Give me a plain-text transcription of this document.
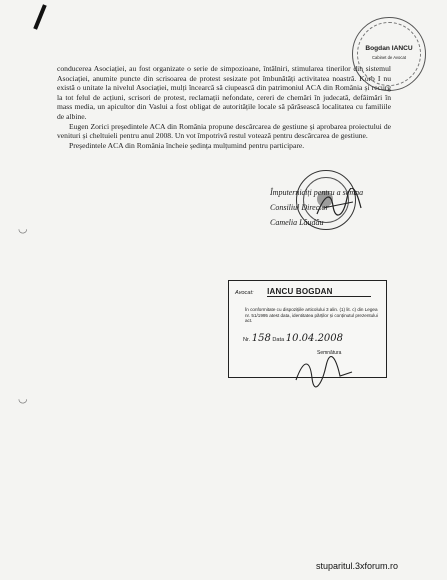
Bogdan IANCU
Cabinet de Avocat

conducerea Asociației, au fost organizate o serie de simpozioane, întâlniri, stimularea tinerilor din sistemul Asociației, anumite puncte din scrisoarea de protest sesizate pot îmbunătăți activitatea noastră. Korb I nu există o unitate la nivelul Asociației, mulți încearcă să ciupească din patrimoniul ACA din România și recurg la tot felul de acțiuni, scrisori de protest, reclamații nefondate, cereri de chemări în judecată, defăimări în mass media, un apicultor din Vaslui a fost obligat de autoritățile locale să părăsească localitatea cu familiile de albine.

Eugen Zorici președintele ACA din România propune descărcarea de gestiune și aprobarea proiectului de venituri și cheltuieli pentru anul 2008. Un vot împotrivă restul votează pentru descărcarea de gestiune.

Președintele ACA din România încheie ședința mulțumind pentru participare.

Împuterniciți pentru a semna
Consiliul Director
Camelia Lăudău
Avocat: IANCU BOGDAN
În conformitate cu dispozițiile articolului 3 alin. (1) lit. c) din Legea nr. 51/1995 atest data, identitatea părților și conținutul prezentului act.
Nr. 158 Data 10.04.2008
Semnătura
◡
◡
stuparitul.3xforum.ro
